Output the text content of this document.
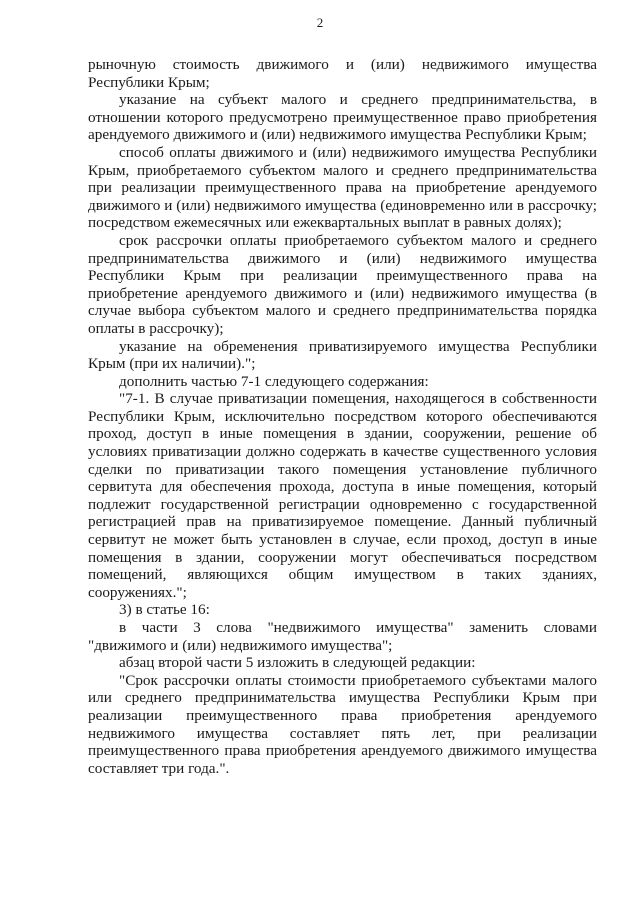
2

рыночную стоимость движимого и (или) недвижимого имущества Республики Крым;

указание на субъект малого и среднего предпринимательства, в отношении которого предусмотрено преимущественное право приобретения арендуемого движимого и (или) недвижимого имущества Республики Крым;

способ оплаты движимого и (или) недвижимого имущества Республики Крым, приобретаемого субъектом малого и среднего предпринимательства при реализации преимущественного права на приобретение арендуемого движимого и (или) недвижимого имущества (единовременно или в рассрочку; посредством ежемесячных или ежеквартальных выплат в равных долях);

срок рассрочки оплаты приобретаемого субъектом малого и среднего предпринимательства движимого и (или) недвижимого имущества Республики Крым при реализации преимущественного права на приобретение арендуемого движимого и (или) недвижимого имущества (в случае выбора субъектом малого и среднего предпринимательства порядка оплаты в рассрочку);

указание на обременения приватизируемого имущества Республики Крым (при их наличии).";

дополнить частью 7-1 следующего содержания:

"7-1. В случае приватизации помещения, находящегося в собственности Республики Крым, исключительно посредством которого обеспечиваются проход, доступ в иные помещения в здании, сооружении, решение об условиях приватизации должно содержать в качестве существенного условия сделки по приватизации такого помещения установление публичного сервитута для обеспечения прохода, доступа в иные помещения, который подлежит государственной регистрации одновременно с государственной регистрацией прав на приватизируемое помещение. Данный публичный сервитут не может быть установлен в случае, если проход, доступ в иные помещения в здании, сооружении могут обеспечиваться посредством помещений, являющихся общим имуществом в таких зданиях, сооружениях.";

3) в статье 16:

в части 3 слова "недвижимого имущества" заменить словами "движимого и (или) недвижимого имущества";

абзац второй части 5 изложить в следующей редакции:

"Срок рассрочки оплаты стоимости приобретаемого субъектами малого или среднего предпринимательства имущества Республики Крым при реализации преимущественного права приобретения арендуемого недвижимого имущества составляет пять лет, при реализации преимущественного права приобретения арендуемого движимого имущества составляет три года.".
